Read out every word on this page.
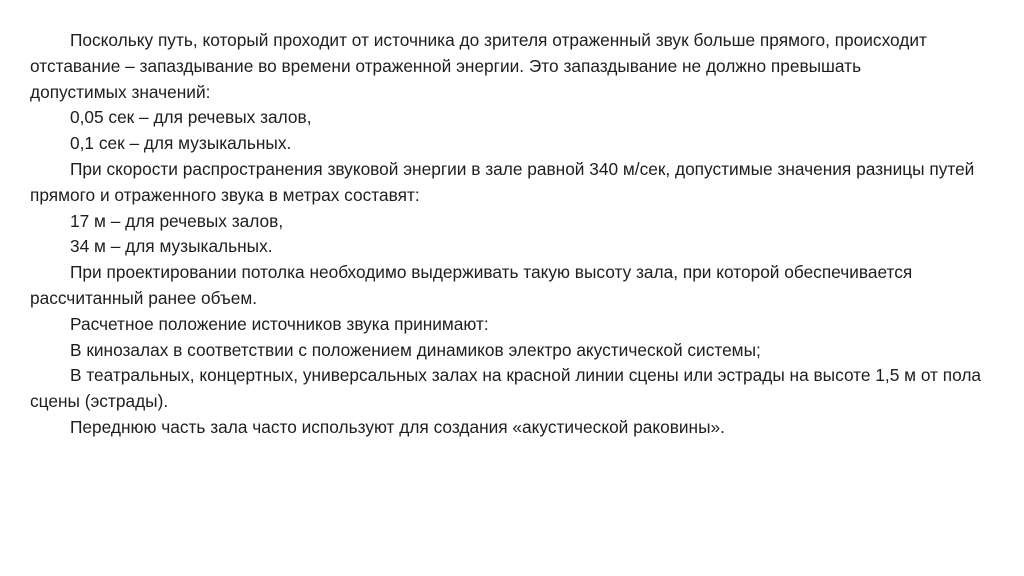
Поскольку путь, который проходит от источника до зрителя отраженный звук больше прямого, происходит отставание – запаздывание во времени отраженной энергии. Это запаздывание не должно превышать

допустимых значений:

0,05 сек – для речевых залов,

0,1 сек – для музыкальных.

При скорости распространения звуковой энергии в зале равной 340 м/сек, допустимые значения разницы путей прямого и отраженного звука в метрах составят:

17 м – для речевых залов,

34 м – для музыкальных.

При проектировании потолка необходимо выдерживать такую высоту зала, при которой обеспечивается рассчитанный ранее объем.

Расчетное положение источников звука принимают:

В кинозалах в соответствии с положением динамиков электро акустической системы;

В театральных, концертных, универсальных залах на красной линии сцены или эстрады на высоте 1,5 м от пола сцены (эстрады).

Переднюю часть зала часто используют для создания «акустической раковины».
